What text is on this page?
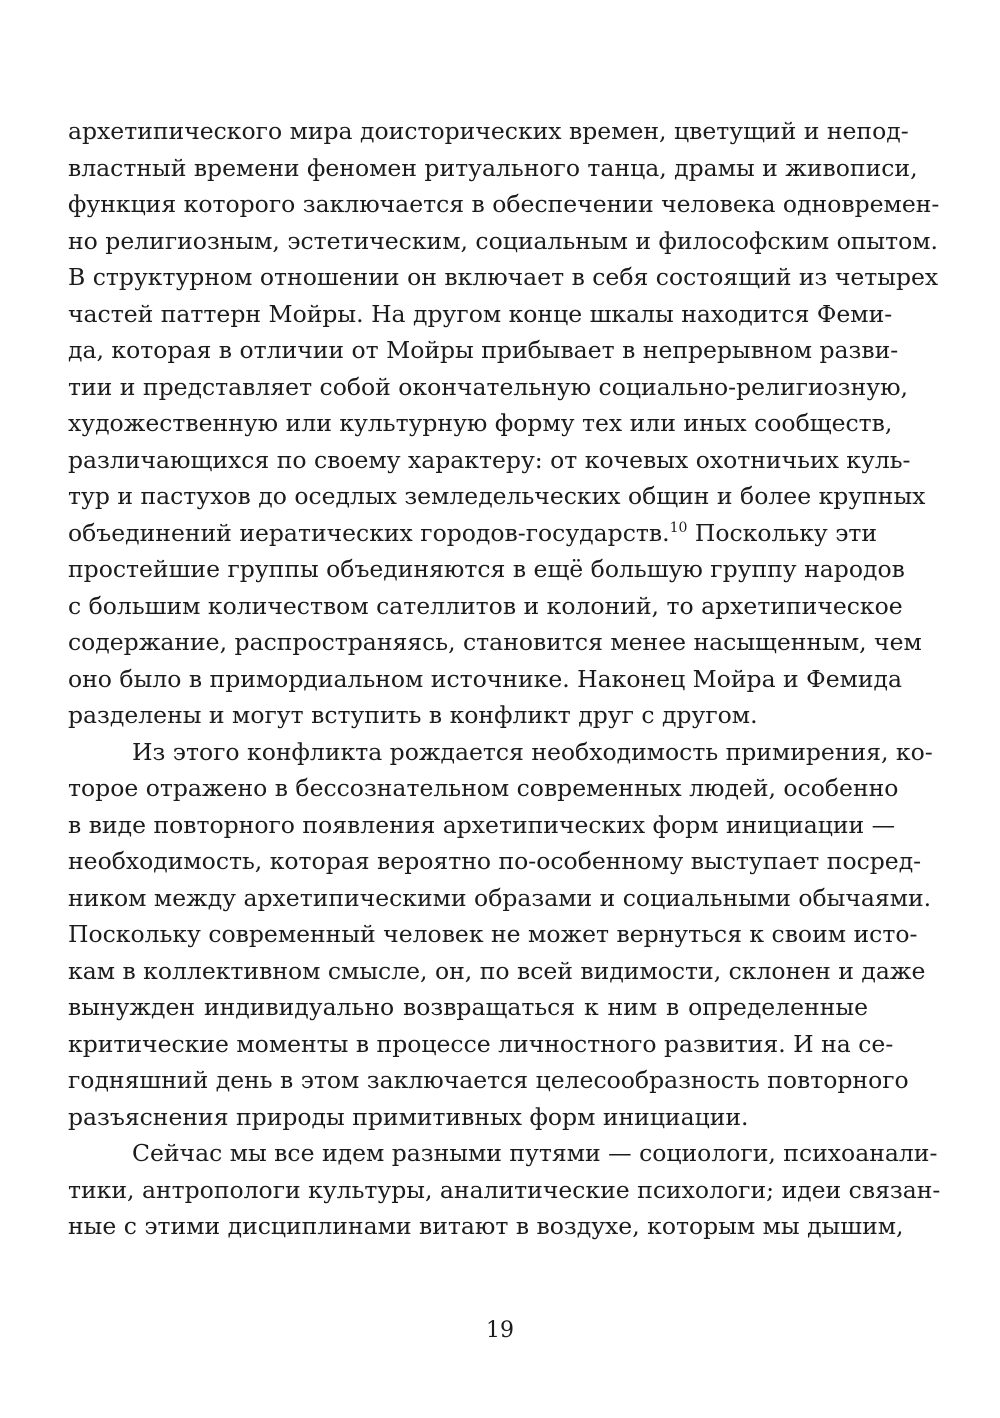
архетипического мира доисторических времен, цветущий и непод-
властный времени феномен ритуального танца, драмы и живописи,
функция которого заключается в обеспечении человека одновремен-
но религиозным, эстетическим, социальным и философским опытом.
В структурном отношении он включает в себя состоящий из четырех
частей паттерн Мойры. На другом конце шкалы находится Феми-
да, которая в отличии от Мойры прибывает в непрерывном разви-
тии и представляет собой окончательную социально-религиозную,
художественную или культурную форму тех или иных сообществ,
различающихся по своему характеру: от кочевых охотничьих куль-
тур и пастухов до оседлых земледельческих общин и более крупных
объединений иератических городов-государств.$^{10}$ Поскольку эти
простейшие группы объединяются в ещё большую группу народов
с большим количеством сателлитов и колоний, то архетипическое
содержание, распространяясь, становится менее насыщенным, чем
оно было в примордиальном источнике. Наконец Мойра и Фемида
разделены и могут вступить в конфликт друг с другом.
Из этого конфликта рождается необходимость примирения, ко-
торое отражено в бессознательном современных людей, особенно
в виде повторного появления архетипических форм инициации —
необходимость, которая вероятно по-особенному выступает посред-
ником между архетипическими образами и социальными обычаями.
Поскольку современный человек не может вернуться к своим исто-
кам в коллективном смысле, он, по всей видимости, склонен и даже
вынужден индивидуально возвращаться к ним в определенные
критические моменты в процессе личностного развития. И на се-
годняшний день в этом заключается целесообразность повторного
разъяснения природы примитивных форм инициации.
Сейчас мы все идем разными путями — социологи, психоанали-
тики, антропологи культуры, аналитические психологи; идеи связан-
ные с этими дисциплинами витают в воздухе, которым мы дышим,
19
